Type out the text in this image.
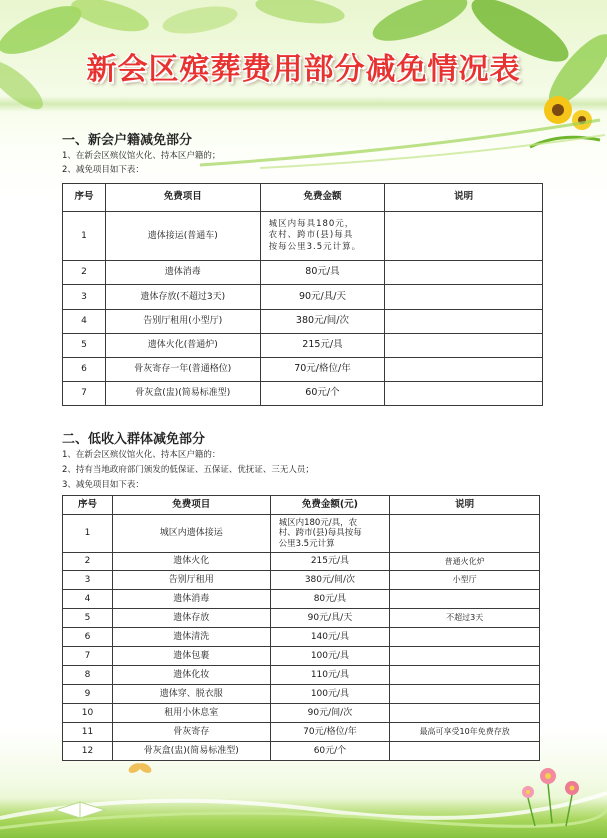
新会区殡葬费用部分减免情况表
一、新会户籍减免部分
1、在新会区殡仪馆火化、持本区户籍的；
2、减免项目如下表：
序号	免费项目	免费金额	说明
1	遗体接运(普通车)	城区内每具180元，
农村、跨市(县)每具
按每公里3.5元计算。	

2	遗体消毒	80元/具	
3	遗体存放(不超过3天)	90元/具/天	
4	告别厅租用(小型厅)	380元/间/次	
5	遗体火化(普通炉)	215元/具	
6	骨灰寄存一年(普通格位)	70元/格位/年	
7	骨灰盒(盅)(简易标准型)	60元/个	
二、低收入群体减免部分
1、在新会区殡仪馆火化、持本区户籍的：
2、持有当地政府部门颁发的低保证、五保证、优抚证、三无人员；
3、减免项目如下表：
序号	免费项目	免费金额(元)	说明
1	城区内遗体接运	城区内180元/具，农
村、跨市(县)每具按每
公里3.5元计算	

2	遗体火化	215元/具	普通火化炉
3	告别厅租用	380元/间/次	小型厅
4	遗体消毒	80元/具	
5	遗体存放	90元/具/天	不超过3天
6	遗体清洗	140元/具	
7	遗体包裹	100元/具	
8	遗体化妆	110元/具	
9	遗体穿、脱衣服	100元/具	
10	租用小休息室	90元/间/次	
11	骨灰寄存	70元/格位/年	最高可享受10年免费存放
12	骨灰盒(盅)(简易标准型)	60元/个	
